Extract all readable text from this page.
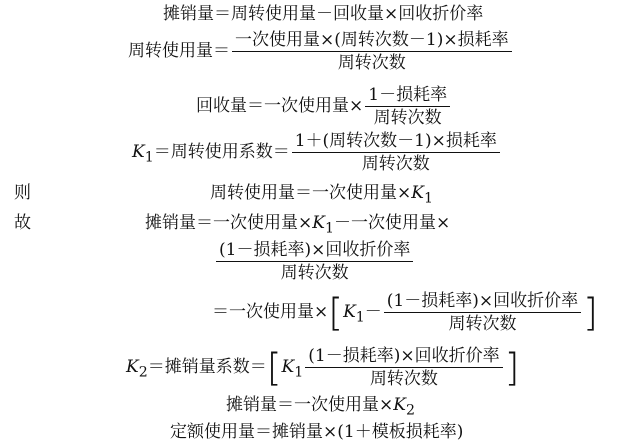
摊销量＝周转使用量－回收量×回收折价率
周转使用量＝ $\frac{\text{一次使用量×(周转次数－1)×损耗率}}{\text{周转次数}}$
回收量＝一次使用量× $\frac{\text{1－损耗率}}{\text{周转次数}}$
$K_1=$周转使用系数＝ $\frac{\text{1＋(周转次数－1)×损耗率}}{\text{周转次数}}$
则	周转使用量＝一次使用量$\times K_1$
故	摊销量＝一次使用量$\times K_1-$一次使用量×
$\frac{\text{(1－损耗率)×回收折价率}}{\text{周转次数}}$
＝一次使用量$\times[K_1- \frac{\text{(1－损耗率)×回收折价率}}{\text{周转次数}}$ ]
$K_2=$摊销量系数$=[K_1 \frac{\text{(1－损耗率)×回收折价率}}{\text{周转次数}}$ ]
摊销量＝一次使用量$\times K_2$
定额使用量＝摊销量×(1＋模板损耗率)
